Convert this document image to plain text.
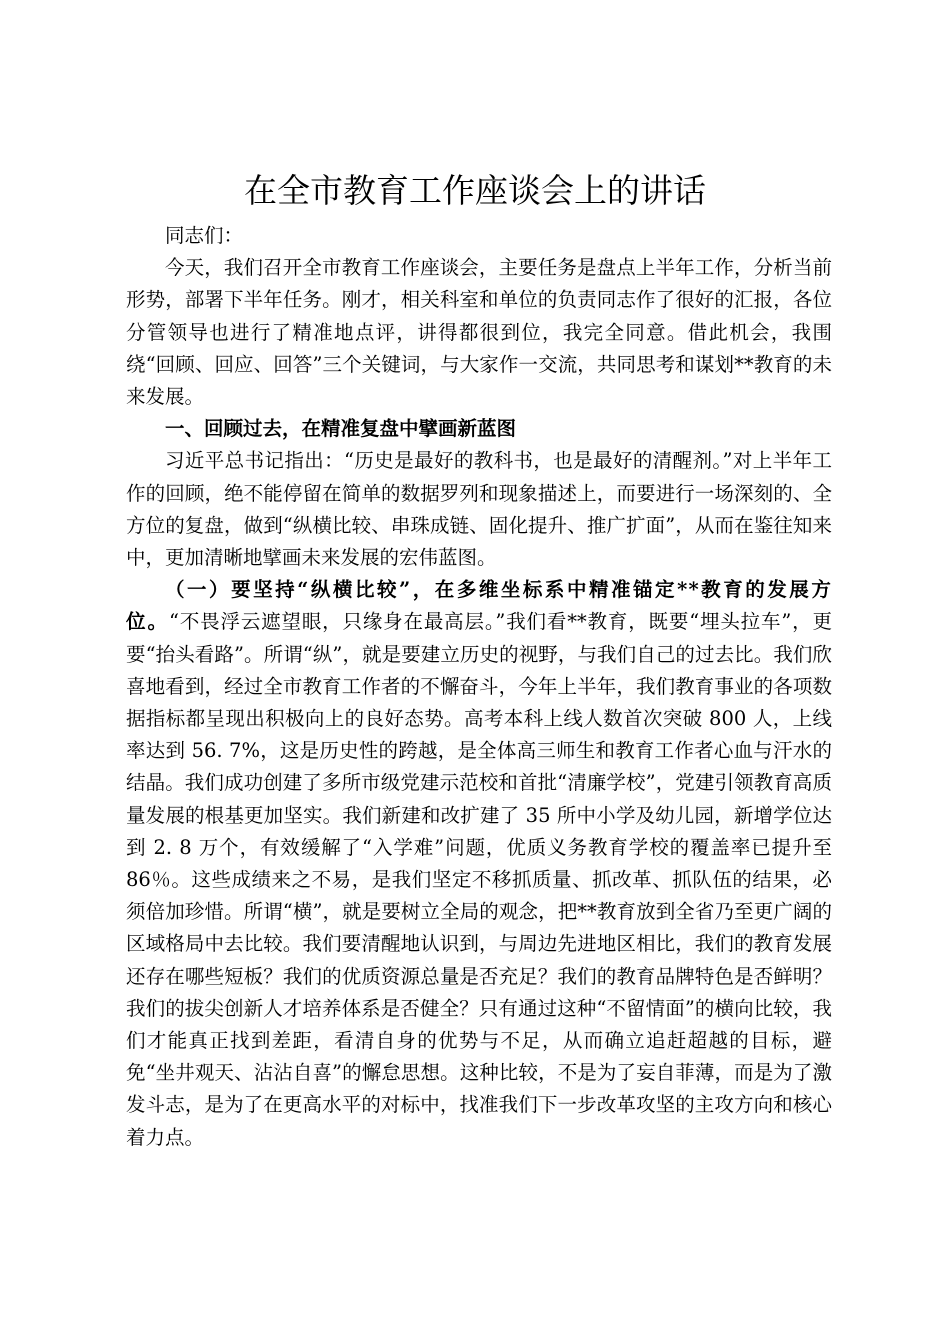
在全市教育工作座谈会上的讲话

同志们：

今天，我们召开全市教育工作座谈会，主要任务是盘点上半年工作，分析当前形势，部署下半年任务。刚才，相关科室和单位的负责同志作了很好的汇报，各位分管领导也进行了精准地点评，讲得都很到位，我完全同意。借此机会，我围绕“回顾、回应、回答”三个关键词，与大家作一交流，共同思考和谋划**教育的未来发展。

一、回顾过去，在精准复盘中擘画新蓝图

习近平总书记指出：“历史是最好的教科书，也是最好的清醒剂。”对上半年工作的回顾，绝不能停留在简单的数据罗列和现象描述上，而要进行一场深刻的、全方位的复盘，做到“纵横比较、串珠成链、固化提升、推广扩面”，从而在鉴往知来中，更加清晰地擘画未来发展的宏伟蓝图。

（一）要坚持“纵横比较”，在多维坐标系中精准锚定**教育的发展方位。“不畏浮云遮望眼，只缘身在最高层。”我们看**教育，既要“埋头拉车”，更要“抬头看路”。所谓“纵”，就是要建立历史的视野，与我们自己的过去比。我们欣喜地看到，经过全市教育工作者的不懈奋斗，今年上半年，我们教育事业的各项数据指标都呈现出积极向上的良好态势。高考本科上线人数首次突破 800 人，上线率达到 56. 7%，这是历史性的跨越，是全体高三师生和教育工作者心血与汗水的结晶。我们成功创建了多所市级党建示范校和首批“清廉学校”，党建引领教育高质量发展的根基更加坚实。我们新建和改扩建了 35 所中小学及幼儿园，新增学位达到 2. 8 万个，有效缓解了“入学难”问题，优质义务教育学校的覆盖率已提升至86％。这些成绩来之不易，是我们坚定不移抓质量、抓改革、抓队伍的结果，必须倍加珍惜。所谓“横”，就是要树立全局的观念，把**教育放到全省乃至更广阔的区域格局中去比较。我们要清醒地认识到，与周边先进地区相比，我们的教育发展还存在哪些短板？我们的优质资源总量是否充足？我们的教育品牌特色是否鲜明？我们的拔尖创新人才培养体系是否健全？只有通过这种“不留情面”的横向比较，我们才能真正找到差距，看清自身的优势与不足，从而确立追赶超越的目标，避免“坐井观天、沾沾自喜”的懈怠思想。这种比较，不是为了妄自菲薄，而是为了激发斗志，是为了在更高水平的对标中，找准我们下一步改革攻坚的主攻方向和核心着力点。
